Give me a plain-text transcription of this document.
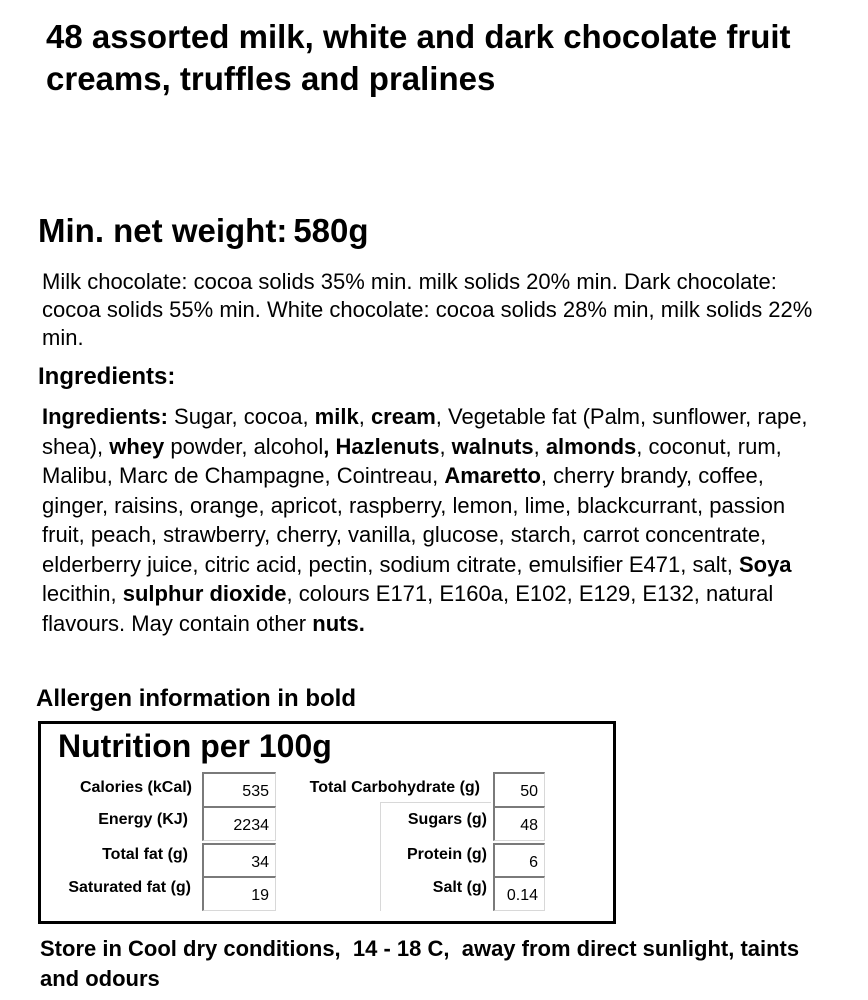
48 assorted milk, white and dark chocolate fruit creams, truffles and pralines
Min. net weight: 580g
Milk chocolate: cocoa solids 35% min. milk solids 20% min. Dark chocolate: cocoa solids 55% min. White chocolate: cocoa solids 28% min, milk solids 22% min.
Ingredients:
Ingredients: Sugar, cocoa, milk, cream, Vegetable fat (Palm, sunflower, rape, shea), whey powder, alcohol, Hazlenuts, walnuts, almonds, coconut, rum, Malibu, Marc de Champagne, Cointreau, Amaretto, cherry brandy, coffee, ginger, raisins, orange, apricot, raspberry, lemon, lime, blackcurrant, passion fruit, peach, strawberry, cherry, vanilla, glucose, starch, carrot concentrate, elderberry juice, citric acid, pectin, sodium citrate, emulsifier E471, salt, Soya lecithin, sulphur dioxide, colours E171, E160a, E102, E129, E132, natural flavours. May contain other nuts.
Allergen information in bold
Nutrition per 100g
Calories (kCal)
Energy (KJ)
Total fat (g)
Saturated fat (g)
535
2234
34
19
Total Carbohydrate (g)
Sugars (g)
Protein (g)
Salt (g)
50
48
6
0.14
Store in Cool dry conditions,  14 - 18 C,  away from direct sunlight, taints and odours
